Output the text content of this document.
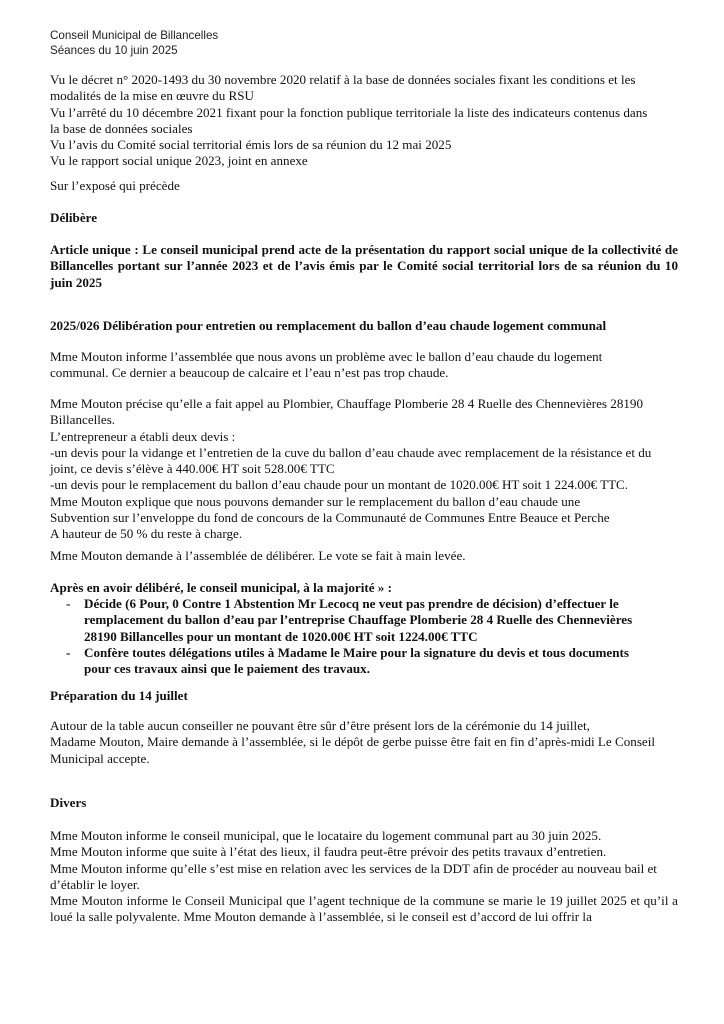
Conseil Municipal de Billancelles
Séances du 10 juin 2025

Vu le décret n° 2020-1493 du 30 novembre 2020 relatif à la base de données sociales fixant les conditions et les

modalités de la mise en œuvre du RSU

Vu l’arrêté du 10 décembre 2021 fixant pour la fonction publique territoriale la liste des indicateurs contenus dans

la base de données sociales

Vu l’avis du Comité social territorial émis lors de sa réunion du 12 mai 2025

Vu le rapport social unique 2023, joint en annexe

Sur l’exposé qui précède
Délibère
Article unique : Le conseil municipal prend acte de la présentation du rapport social unique de la collectivité de Billancelles portant sur l’année 2023 et de l’avis émis par le Comité social territorial lors de sa réunion du 10 juin 2025
2025/026 Délibération pour entretien ou remplacement du ballon d’eau chaude logement communal

Mme Mouton informe l’assemblée que nous avons un problème avec le ballon d’eau chaude du logement

communal. Ce dernier a beaucoup de calcaire et l’eau n’est pas trop chaude.

Mme Mouton précise qu’elle a fait appel au Plombier, Chauffage Plomberie 28 4 Ruelle des Chennevières 28190

Billancelles.

L’entrepreneur a établi deux devis :

-un devis pour la vidange et l’entretien de la cuve du ballon d’eau chaude avec remplacement de la résistance et du

joint, ce devis s’élève à 440.00€ HT soit 528.00€ TTC

-un devis pour le remplacement du ballon d’eau chaude pour un montant de 1020.00€ HT soit 1 224.00€ TTC.

Mme Mouton explique que nous pouvons demander sur le remplacement du ballon d’eau chaude une

Subvention sur l’enveloppe du fond de concours de la Communauté de Communes Entre Beauce et Perche

A hauteur de 50 % du reste à charge.

Mme Mouton demande à l’assemblée de délibérer. Le vote se fait à main levée.
Après en avoir délibéré, le conseil municipal, à la majorité » :
- Décide (6 Pour, 0 Contre 1 Abstention Mr Lecocq ne veut pas prendre de décision) d’effectuer le
remplacement du ballon d’eau par l’entreprise Chauffage Plomberie 28 4 Ruelle des Chennevières
28190 Billancelles pour un montant de 1020.00€ HT soit 1224.00€ TTC
- Confère toutes délégations utiles à Madame le Maire pour la signature du devis et tous documents
pour ces travaux ainsi que le paiement des travaux.
Préparation du 14 juillet

Autour de la table aucun conseiller ne pouvant être sûr d’être présent lors de la cérémonie du 14 juillet,

Madame Mouton, Maire demande à l’assemblée, si le dépôt de gerbe puisse être fait en fin d’après-midi Le Conseil

Municipal accepte.

Divers

Mme Mouton informe le conseil municipal, que le locataire du logement communal part au 30 juin 2025.

Mme Mouton informe que suite à l’état des lieux, il faudra peut-être prévoir des petits travaux d’entretien.

Mme Mouton informe qu’elle s’est mise en relation avec les services de la DDT afin de procéder au nouveau bail et

d’établir le loyer.

Mme Mouton informe le Conseil Municipal que l’agent technique de la commune se marie le 19 juillet 2025 et qu’il a loué la salle polyvalente. Mme Mouton demande à l’assemblée, si le conseil est d’accord de lui offrir la
